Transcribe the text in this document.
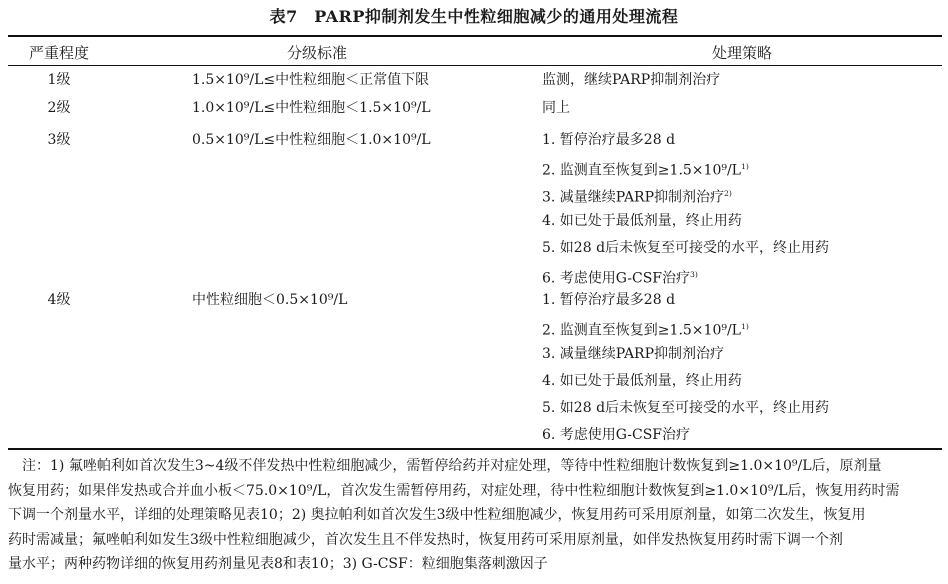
表7　PARP抑制剂发生中性粒细胞减少的通用处理流程
严重程度	分级标准	处理策略
1级	1.5×10⁹/L≤中性粒细胞＜正常值下限	监测，继续PARP抑制剂治疗
2级	1.0×10⁹/L≤中性粒细胞＜1.5×10⁹/L	同上
3级	0.5×10⁹/L≤中性粒细胞＜1.0×10⁹/L	1. 暂停治疗最多28 d
2. 监测直至恢复到≥1.5×10⁹/L$^{1)}$
3. 减量继续PARP抑制剂治疗$^{2)}$
4. 如已处于最低剂量，终止用药
5. 如28 d后未恢复至可接受的水平，终止用药
6. 考虑使用G-CSF治疗$^{3)}$
4级	中性粒细胞＜0.5×10⁹/L	1. 暂停治疗最多28 d
2. 监测直至恢复到≥1.5×10⁹/L$^{1)}$
3. 减量继续PARP抑制剂治疗
4. 如已处于最低剂量，终止用药
5. 如28 d后未恢复至可接受的水平，终止用药
6. 考虑使用G-CSF治疗
　注：1) 氟唑帕利如首次发生3~4级不伴发热中性粒细胞减少，需暂停给药并对症处理，等待中性粒细胞计数恢复到≥1.0×10⁹/L后，原剂量
恢复用药；如果伴发热或合并血小板＜75.0×10⁹/L，首次发生需暂停用药，对症处理，待中性粒细胞计数恢复到≥1.0×10⁹/L后，恢复用药时需
下调一个剂量水平，详细的处理策略见表10；2) 奥拉帕利如首次发生3级中性粒细胞减少，恢复用药可采用原剂量，如第二次发生，恢复用
药时需减量；氟唑帕利如发生3级中性粒细胞减少，首次发生且不伴发热时，恢复用药可采用原剂量，如伴发热恢复用药时需下调一个剂
量水平；两种药物详细的恢复用药剂量见表8和表10；3) G-CSF：粒细胞集落刺激因子
